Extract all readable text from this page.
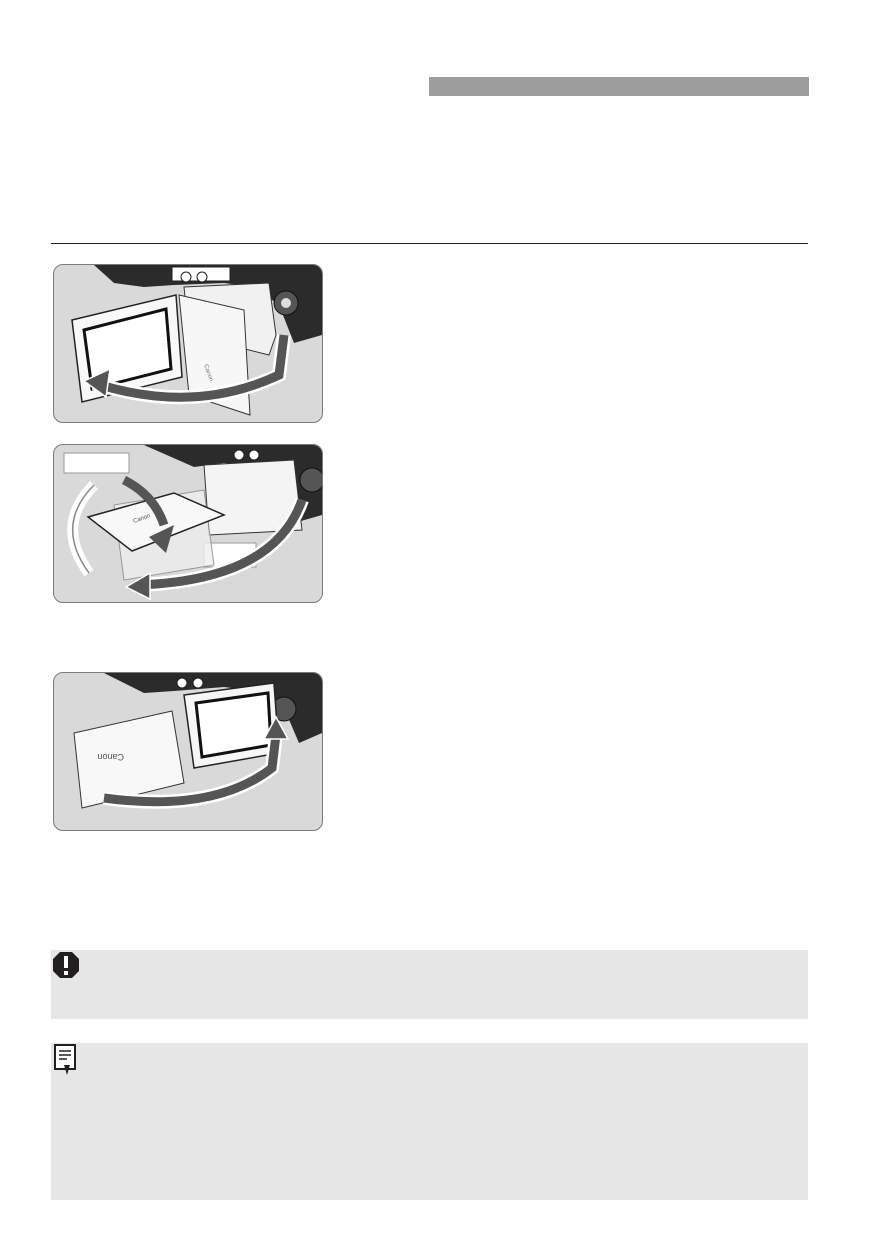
Canon
Canon
Canon
